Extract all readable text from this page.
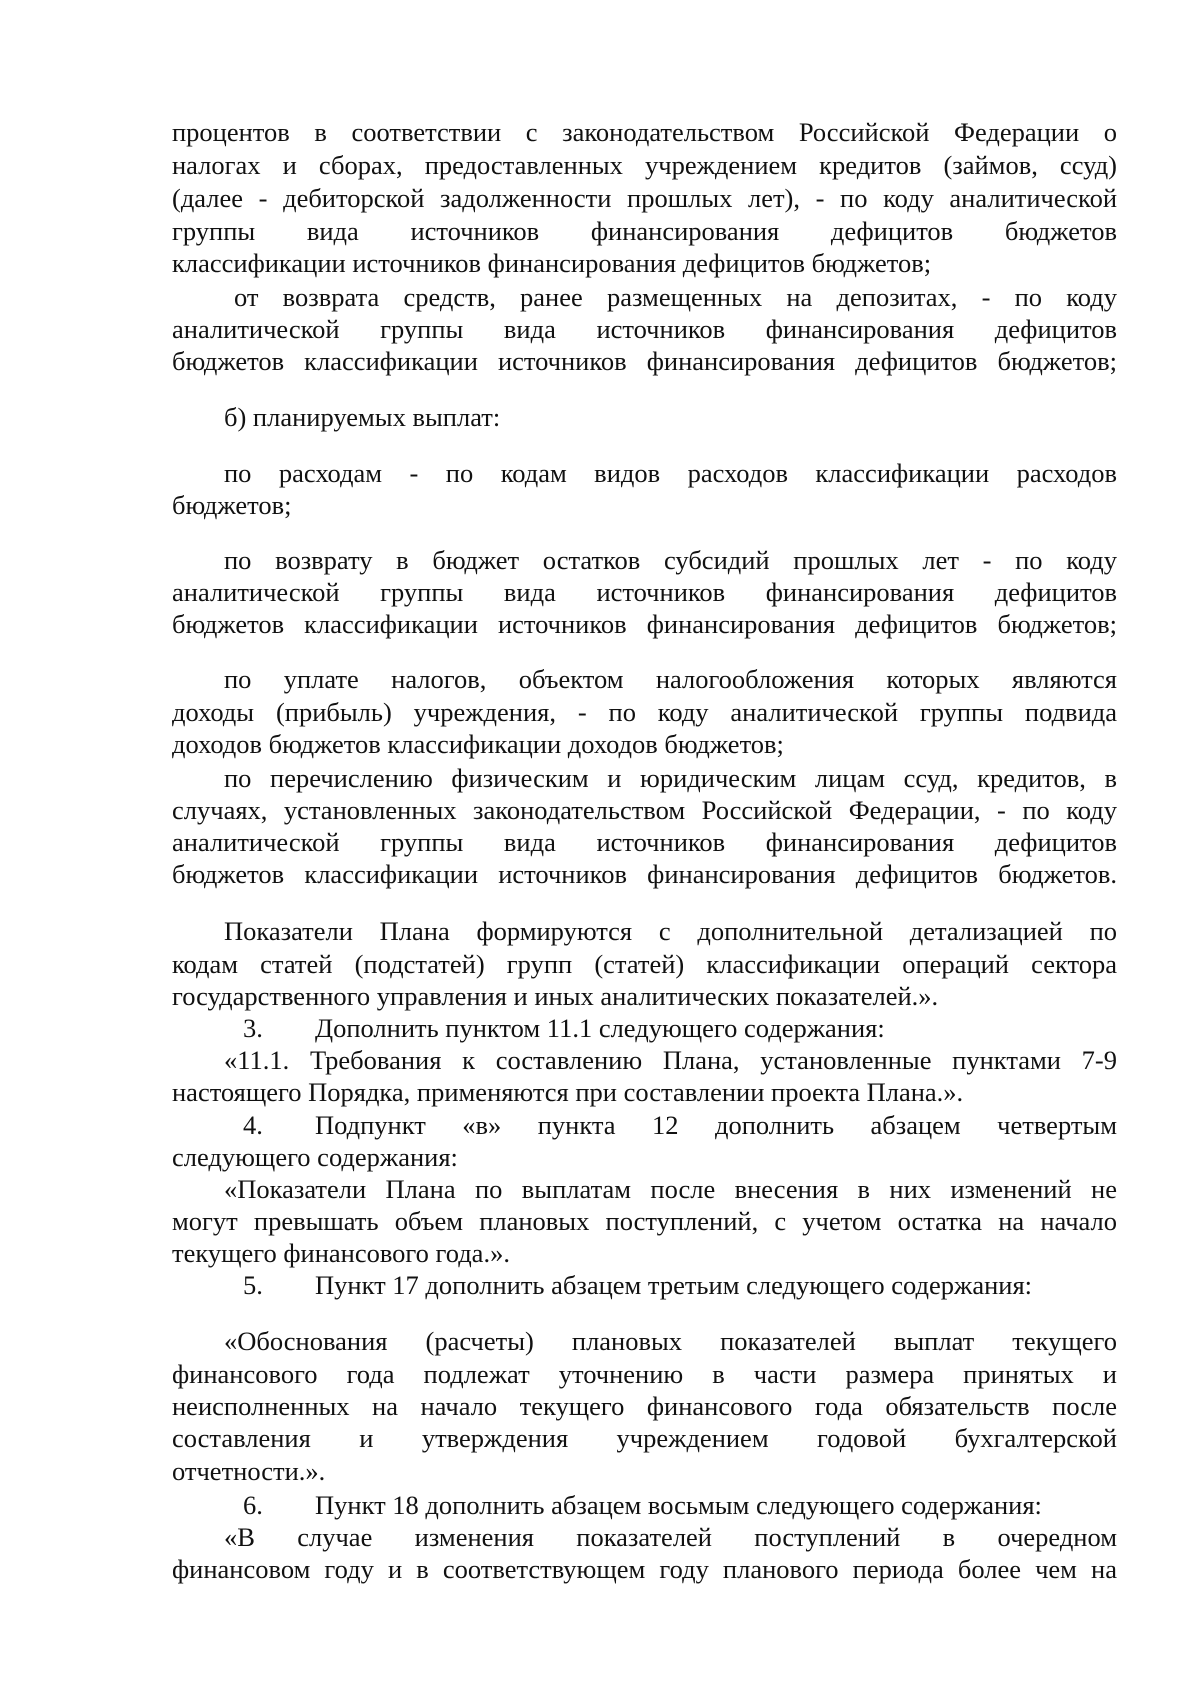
процентов в соответствии с законодательством Российской Федерации о
налогах и сборах, предоставленных учреждением кредитов (займов, ссуд)
(далее - дебиторской задолженности прошлых лет), - по коду аналитической
группы вида источников финансирования дефицитов бюджетов
классификации источников финансирования дефицитов бюджетов;
от возврата средств, ранее размещенных на депозитах, - по коду
аналитической группы вида источников финансирования дефицитов
бюджетов классификации источников финансирования дефицитов бюджетов;
б) планируемых выплат:
по расходам - по кодам видов расходов классификации расходов
бюджетов;
по возврату в бюджет остатков субсидий прошлых лет - по коду
аналитической группы вида источников финансирования дефицитов
бюджетов классификации источников финансирования дефицитов бюджетов;
по уплате налогов, объектом налогообложения которых являются
доходы (прибыль) учреждения, - по коду аналитической группы подвида
доходов бюджетов классификации доходов бюджетов;
по перечислению физическим и юридическим лицам ссуд, кредитов, в
случаях, установленных законодательством Российской Федерации, - по коду
аналитической группы вида источников финансирования дефицитов
бюджетов классификации источников финансирования дефицитов бюджетов.
Показатели Плана формируются с дополнительной детализацией по
кодам статей (подстатей) групп (статей) классификации операций сектора
государственного управления и иных аналитических показателей.».
3. Дополнить пунктом 11.1 следующего содержания:
«11.1. Требования к составлению Плана, установленные пунктами 7-9
настоящего Порядка, применяются при составлении проекта Плана.».
4. Подпункт «в» пункта 12 дополнить абзацем четвертым
следующего содержания:
«Показатели Плана по выплатам после внесения в них изменений не
могут превышать объем плановых поступлений, с учетом остатка на начало
текущего финансового года.».
5. Пункт 17 дополнить абзацем третьим следующего содержания:
«Обоснования (расчеты) плановых показателей выплат текущего
финансового года подлежат уточнению в части размера принятых и
неисполненных на начало текущего финансового года обязательств после
составления и утверждения учреждением годовой бухгалтерской
отчетности.».
6. Пункт 18 дополнить абзацем восьмым следующего содержания:
«В случае изменения показателей поступлений в очередном
финансовом году и в соответствующем году планового периода более чем на
